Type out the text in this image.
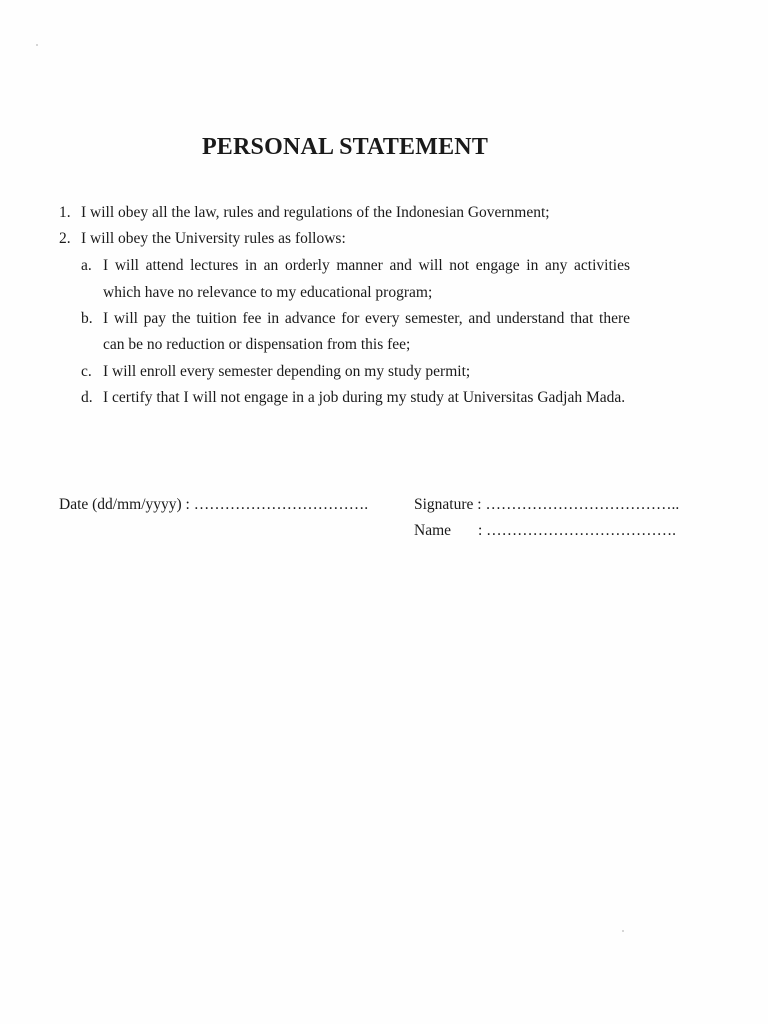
PERSONAL STATEMENT
1. I will obey all the law, rules and regulations of the Indonesian Government;
2. I will obey the University rules as follows:
a. I will attend lectures in an orderly manner and will not engage in any activities
which have no relevance to my educational program;
b. I will pay the tuition fee in advance for every semester, and understand that there
can be no reduction or dispensation from this fee;
c. I will enroll every semester depending on my study permit;
d. I certify that I will not engage in a job during my study at Universitas Gadjah Mada.
Date (dd/mm/yyyy) : …………………………….	Signature : ………………………………..
Name : ……………………………….
